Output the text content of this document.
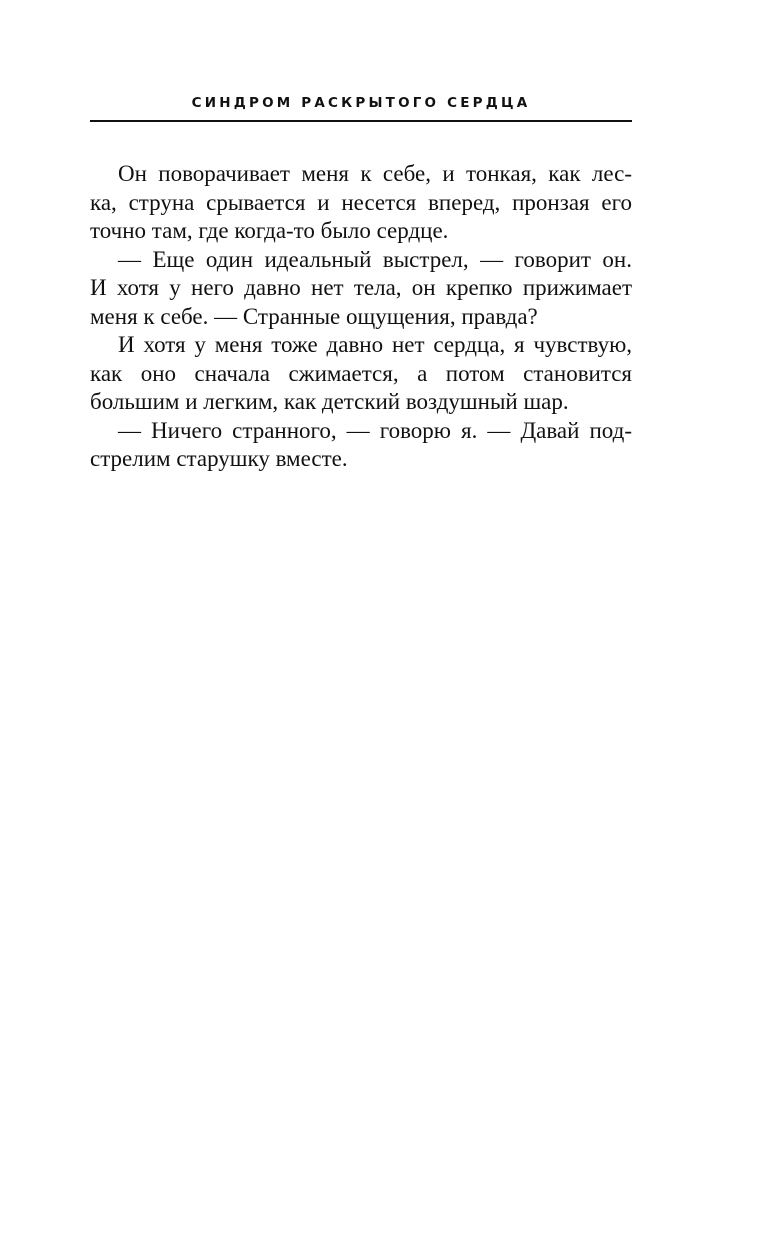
СИНДРОМ РАСКРЫТОГО СЕРДЦА
Он поворачивает меня к себе, и тонкая, как лес-
ка, струна срывается и несется вперед, пронзая его
точно там, где когда-то было сердце.
— Еще один идеальный выстрел, — говорит он.
И хотя у него давно нет тела, он крепко прижимает
меня к себе. — Странные ощущения, правда?
И хотя у меня тоже давно нет сердца, я чувствую,
как оно сначала сжимается, а потом становится
большим и легким, как детский воздушный шар.
— Ничего странного, — говорю я. — Давай под-
стрелим старушку вместе.
